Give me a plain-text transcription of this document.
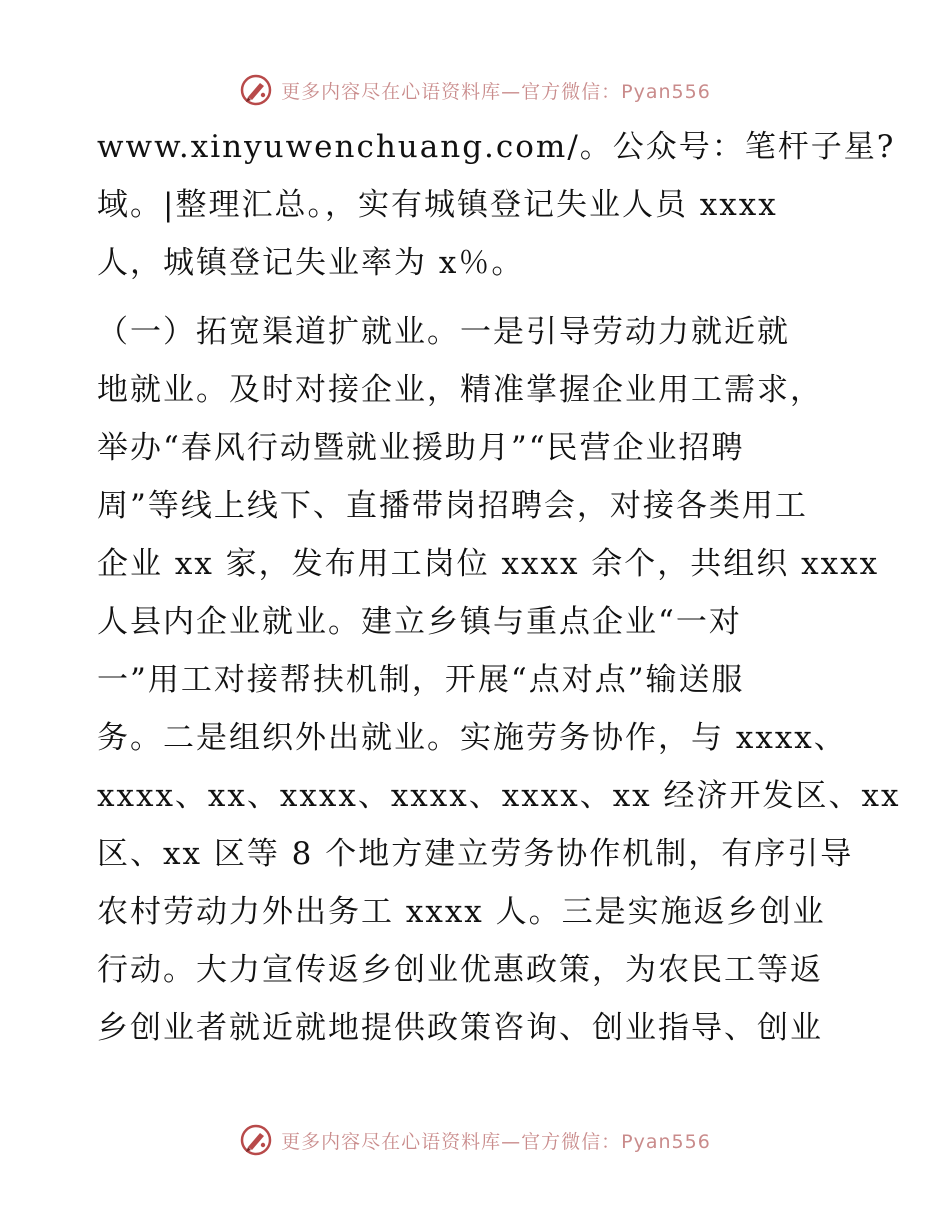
更多内容尽在心语资料库—官方微信：Pyan556
www.xinyuwenchuang.com/。公众号：笔杆子星?
域。|整理汇总。，实有城镇登记失业人员 xxxx
人，城镇登记失业率为 x％。
（一）拓宽渠道扩就业。一是引导劳动力就近就
地就业。及时对接企业，精准掌握企业用工需求，
举办“春风行动暨就业援助月”“民营企业招聘
周”等线上线下、直播带岗招聘会，对接各类用工
企业 xx 家，发布用工岗位 xxxx 余个，共组织 xxxx
人县内企业就业。建立乡镇与重点企业“一对
一”用工对接帮扶机制，开展“点对点”输送服
务。二是组织外出就业。实施劳务协作，与 xxxx、
xxxx、xx、xxxx、xxxx、xxxx、xx 经济开发区、xx
区、xx 区等 8 个地方建立劳务协作机制，有序引导
农村劳动力外出务工 xxxx 人。三是实施返乡创业
行动。大力宣传返乡创业优惠政策，为农民工等返
乡创业者就近就地提供政策咨询、创业指导、创业
更多内容尽在心语资料库—官方微信：Pyan556
